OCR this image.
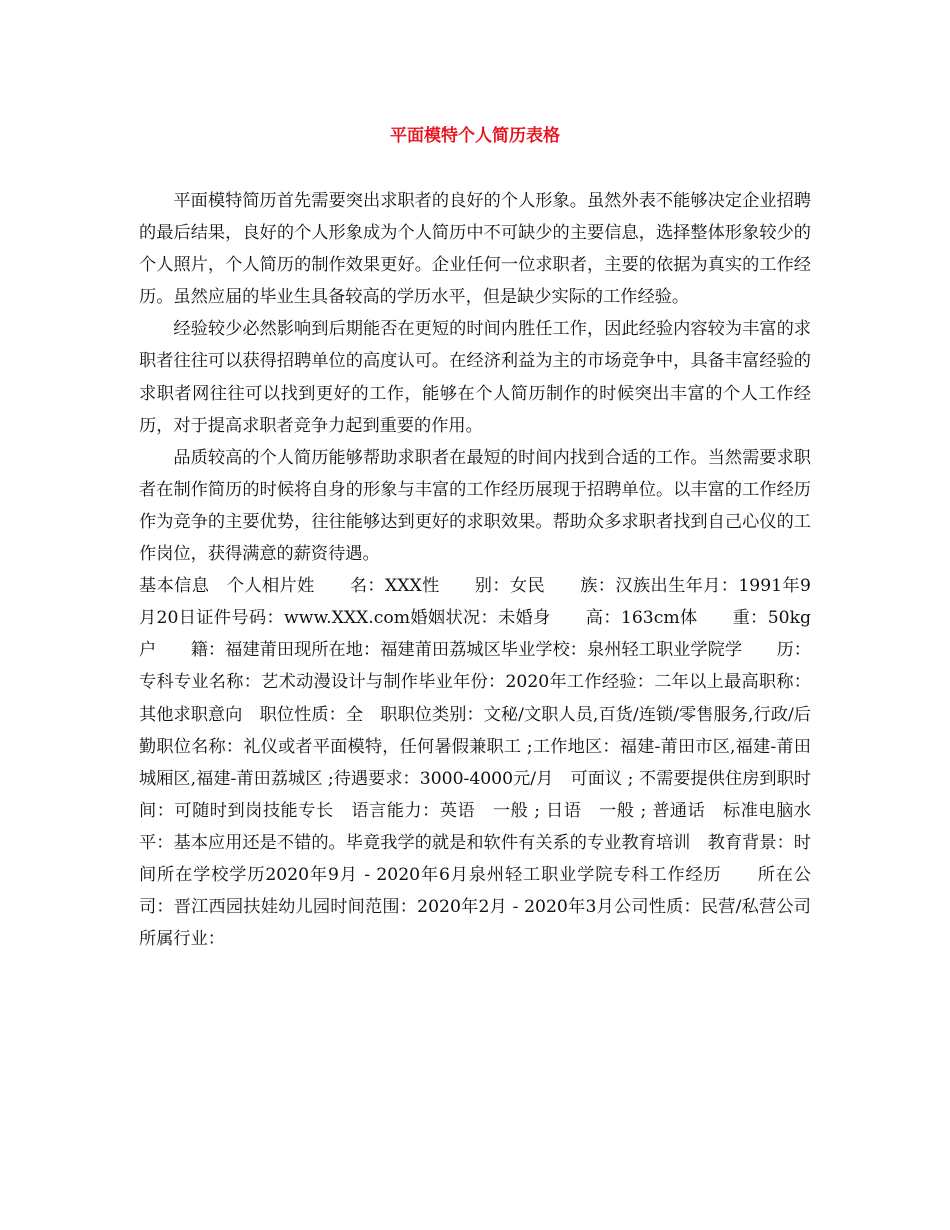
平面模特个人简历表格

平面模特简历首先需要突出求职者的良好的个人形象。虽然外表不能够决定企业招聘的最后结果，良好的个人形象成为个人简历中不可缺少的主要信息，选择整体形象较少的个人照片，个人简历的制作效果更好。企业任何一位求职者，主要的依据为真实的工作经历。虽然应届的毕业生具备较高的学历水平，但是缺少实际的工作经验。

经验较少必然影响到后期能否在更短的时间内胜任工作，因此经验内容较为丰富的求职者往往可以获得招聘单位的高度认可。在经济利益为主的市场竞争中，具备丰富经验的求职者网往往可以找到更好的工作，能够在个人简历制作的时候突出丰富的个人工作经历，对于提高求职者竞争力起到重要的作用。

品质较高的个人简历能够帮助求职者在最短的时间内找到合适的工作。当然需要求职者在制作简历的时候将自身的形象与丰富的工作经历展现于招聘单位。以丰富的工作经历作为竞争的主要优势，往往能够达到更好的求职效果。帮助众多求职者找到自己心仪的工作岗位，获得满意的薪资待遇。

基本信息　个人相片姓　　名：XXX性　　别：女民　　族：汉族出生年月：1991年9月20日证件号码：www.XXX.com婚姻状况：未婚身　　高：163cm体　　重：50kg户　　籍：福建莆田现所在地：福建莆田荔城区毕业学校：泉州轻工职业学院学　　历：专科专业名称：艺术动漫设计与制作毕业年份：2020年工作经验：二年以上最高职称：其他求职意向　职位性质：全　职职位类别：文秘/文职人员,百货/连锁/零售服务,行政/后勤职位名称：礼仪或者平面模特，任何暑假兼职工 ;工作地区：福建-莆田市区,福建-莆田城厢区,福建-莆田荔城区 ;待遇要求：3000-4000元/月　可面议 ; 不需要提供住房到职时间：可随时到岗技能专长　语言能力：英语　一般 ; 日语　一般 ; 普通话　标准电脑水平：基本应用还是不错的。毕竟我学的就是和软件有关系的专业教育培训　教育背景：时间所在学校学历2020年9月 - 2020年6月泉州轻工职业学院专科工作经历　　所在公司：晋江西园扶娃幼儿园时间范围：2020年2月 - 2020年3月公司性质：民营/私营公司所属行业：
